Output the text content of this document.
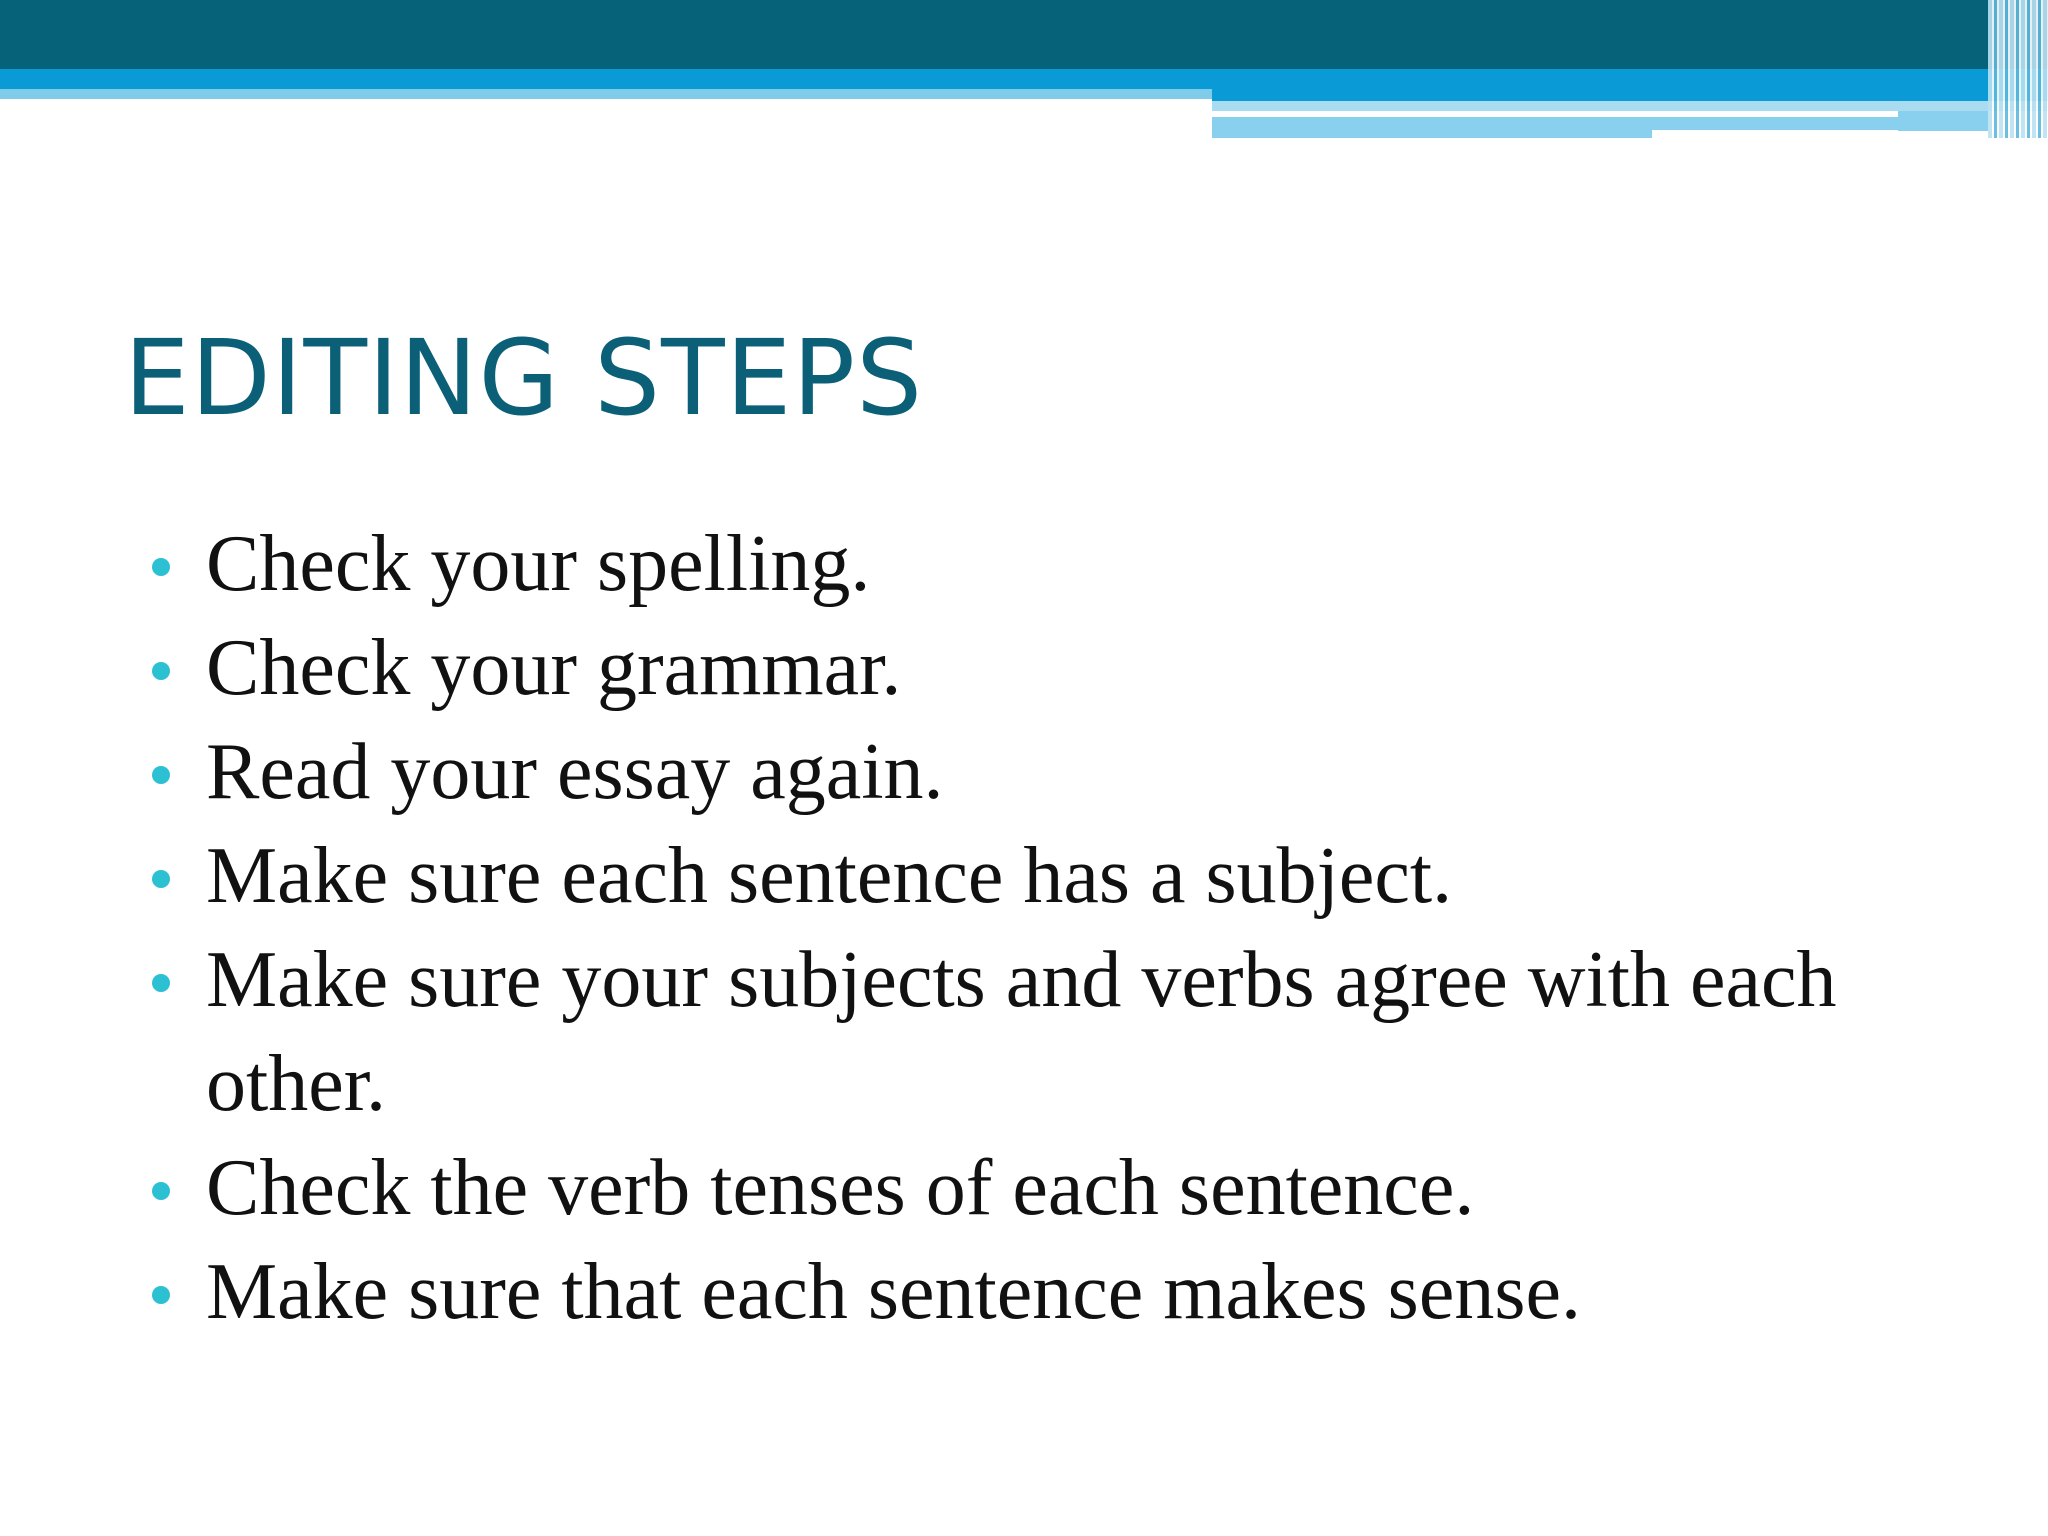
EDITING STEPS
Check your spelling.
Check your grammar.
Read your essay again.
Make sure each sentence has a subject.
Make sure your subjects and verbs agree with each other.
Check the verb tenses of each sentence.
Make sure that each sentence makes sense.
